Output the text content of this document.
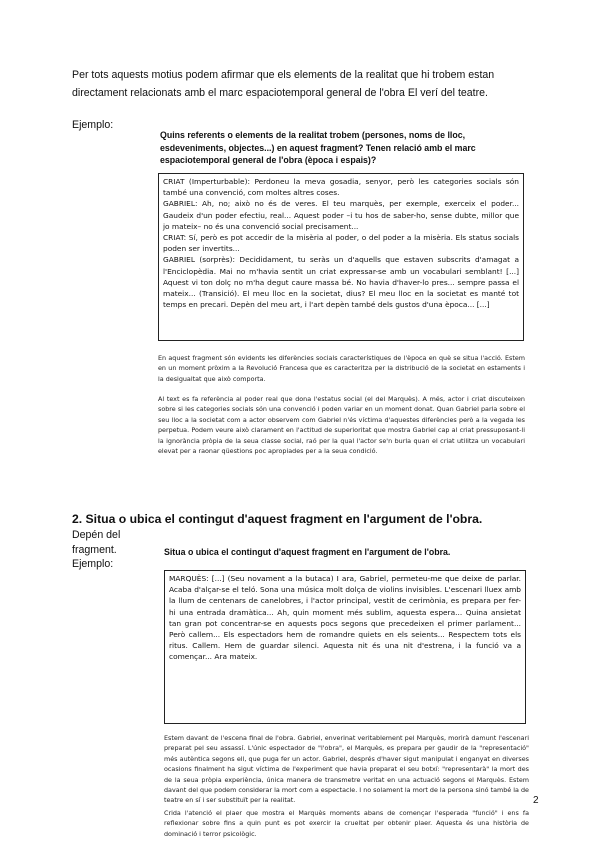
Per tots aquests motius podem afirmar que els elements de la realitat que hi trobem estan directament relacionats amb el marc espaciotemporal general de l'obra El verí del teatre.
Ejemplo:
Quins referents o elements de la realitat trobem (persones, noms de lloc, esdeveniments, objectes...) en aquest fragment? Tenen relació amb el marc espaciotemporal general de l'obra (època i espais)?

CRIAT (Imperturbable): Perdoneu la meva gosadia, senyor, però les categories socials són també una convenció, com moltes altres coses.

GABRIEL: Ah, no; això no és de veres. El teu marquès, per exemple, exerceix el poder... Gaudeix d'un poder efectiu, real... Aquest poder –i tu hos de saber-ho, sense dubte, millor que jo mateix– no és una convenció social precisament...

CRIAT: Sí, però es pot accedir de la misèria al poder, o del poder a la misèria. Els status socials poden ser invertits...

GABRIEL (sorprès): Decididament, tu seràs un d'aquells que estaven subscrits d'amagat a l'Enciclopèdia. Mai no m'havia sentit un criat expressar-se amb un vocabulari semblant! [...] Aquest vi ton dolç no m'ha degut caure massa bé. No havia d'haver-lo pres... sempre passa el mateix... (Transició). El meu lloc en la societat, dius? El meu lloc en la societat es manté tot temps en precari. Depèn del meu art, i l'art depèn també dels gustos d'una època... [...]

En aquest fragment són evidents les diferències socials característiques de l'època en què se situa l'acció. Estem en un moment pròxim a la Revolució Francesa que es caracteritza per la distribució de la societat en estaments i la desigualtat que això comporta.
Al text es fa referència al poder real que dona l'estatus social (el del Marquès). A més, actor i criat discuteixen sobre si les categories socials són una convenció i poden variar en un moment donat. Quan Gabriel parla sobre el seu lloc a la societat com a actor observem com Gabriel n'és víctima d'aquestes diferències però a la vegada les perpetua. Podem veure això clarament en l'actitud de superioritat que mostra Gabriel cap al criat pressuposant-li la ignorància pròpia de la seua classe social, raó per la qual l'actor se'n burla quan el criat utilitza un vocabulari elevat per a raonar qüestions poc apropiades per a la seua condició.
2. Situa o ubica el contingut d'aquest fragment en l'argument de l'obra.
Depén del
fragment.
Ejemplo:
Situa o ubica el contingut d'aquest fragment en l'argument de l'obra.

MARQUÈS: [...] (Seu novament a la butaca) I ara, Gabriel, permeteu-me que deixe de parlar. Acaba d'alçar-se el teló. Sona una música molt dolça de violins invisibles. L'escenari lluex amb la llum de centenars de canelobres, i l'actor principal, vestit de cerimònia, es prepara per fer-hi una entrada dramàtica... Ah, quin moment més sublim, aquesta espera... Quina ansietat tan gran pot concentrar-se en aquests pocs segons que precedeixen el primer parlament... Però callem... Els espectadors hem de romandre quiets en els seients... Respectem tots els ritus. Callem. Hem de guardar silenci. Aquesta nit és una nit d'estrena, i la funció va a començar... Ara mateix.

Estem davant de l'escena final de l'obra. Gabriel, enverinat veritablement pel Marquès, morirà damunt l'escenari preparat pel seu assassí. L'únic espectador de "l'obra", el Marquès, es prepara per gaudir de la "representació" més autèntica segons ell, que puga fer un actor. Gabriel, després d'haver sigut manipulat i enganyat en diverses ocasions finalment ha sigut víctima de l'experiment que havia preparat el seu botxí: "representarà" la mort des de la seua pròpia experiència, única manera de transmetre veritat en una actuació segons el Marquès. Estem davant del que podem considerar la mort com a espectacle. I no solament la mort de la persona sinó també la de teatre en sí i ser substituït per la realitat.
Crida l'atenció el plaer que mostra el Marquès moments abans de començar l'esperada "funció" i ens fa reflexionar sobre fins a quin punt es pot exercir la crueltat per obtenir plaer. Aquesta és una història de dominació i terror psicològic.
2
